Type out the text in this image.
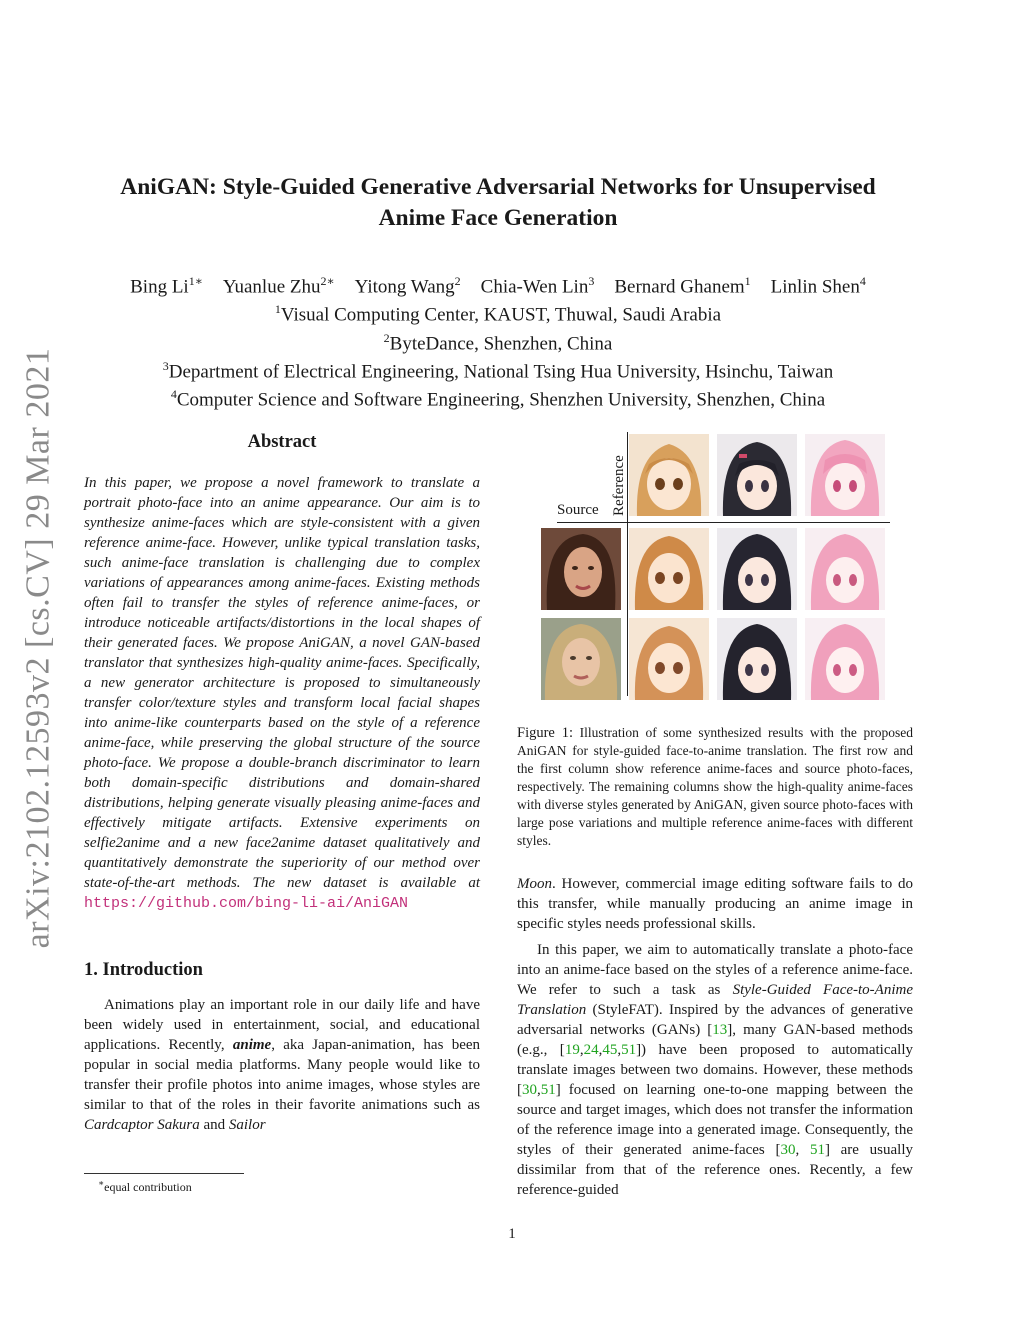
arXiv:2102.12593v2 [cs.CV] 29 Mar 2021
AniGAN: Style-Guided Generative Adversarial Networks for Unsupervised
Anime Face Generation
Bing $Li^{1∗}$ Yuanlue Zhu$^{2∗}$ Yitong Wang$^2$ Chia-Wen Lin$^3$ Bernard Ghanem$^1$ Linlin Shen$^4$
$^1$Visual Computing Center, KAUST, Thuwal, Saudi Arabia
$^2$ByteDance, Shenzhen, China
$^3$Department of Electrical Engineering, National Tsing Hua University, Hsinchu, Taiwan
$^4$Computer Science and Software Engineering, Shenzhen University, Shenzhen, China
Abstract

In this paper, we propose a novel framework to translate a portrait photo-face into an anime appearance. Our aim is to synthesize anime-faces which are style-consistent with a given reference anime-face. However, unlike typical translation tasks, such anime-face translation is challenging due to complex variations of appearances among anime-faces. Existing methods often fail to transfer the styles of reference anime-faces, or introduce noticeable artifacts/distortions in the local shapes of their generated faces. We propose AniGAN, a novel GAN-based translator that synthesizes high-quality anime-faces. Specifically, a new generator architecture is proposed to simultaneously transfer color/texture styles and transform local facial shapes into anime-like counterparts based on the style of a reference anime-face, while preserving the global structure of the source photo-face. We propose a double-branch discriminator to learn both domain-specific distributions and domain-shared distributions, helping generate visually pleasing anime-faces and effectively mitigate artifacts. Extensive experiments on selfie2anime and a new face2anime dataset qualitatively and quantitatively demonstrate the superiority of our method over state-of-the-art methods. The new dataset is available at https://github.com/bing-li-ai/AniGAN

1. Introduction

Animations play an important role in our daily life and have been widely used in entertainment, social, and educational applications. Recently, anime, aka Japan-animation, has been popular in social media platforms. Many people would like to transfer their profile photos into anime images, whose styles are similar to that of the roles in their favorite animations such as Cardcaptor Sakura and Sailor

∗equal contribution
Source Reference

Figure 1: Illustration of some synthesized results with the proposed AniGAN for style-guided face-to-anime translation. The first row and the first column show reference anime-faces and source photo-faces, respectively. The remaining columns show the high-quality anime-faces with diverse styles generated by AniGAN, given source photo-faces with large pose variations and multiple reference anime-faces with different styles.

Moon. However, commercial image editing software fails to do this transfer, while manually producing an anime image in specific styles needs professional skills.

In this paper, we aim to automatically translate a photo-face into an anime-face based on the styles of a reference anime-face. We refer to such a task as Style-Guided Face-to-Anime Translation (StyleFAT). Inspired by the advances of generative adversarial networks (GANs) [13], many GAN-based methods (e.g., [19,24,45,51]) have been proposed to automatically translate images between two domains. However, these methods [30,51] focused on learning one-to-one mapping between the source and target images, which does not transfer the information of the reference image into a generated image. Consequently, the styles of their generated anime-faces [30, 51] are usually dissimilar from that of the reference ones. Recently, a few reference-guided

1
